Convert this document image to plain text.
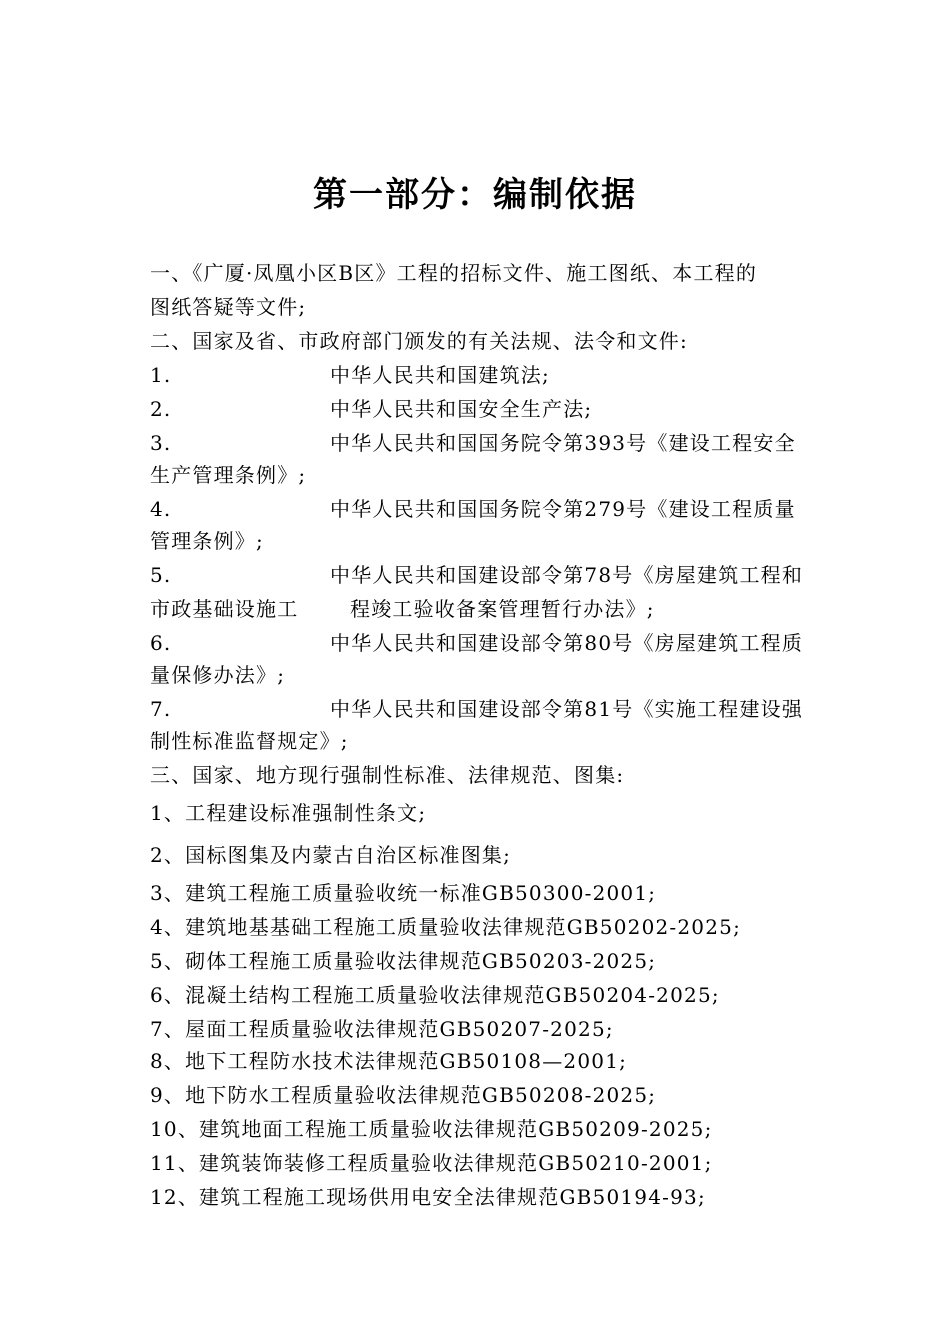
第一部分：编制依据
一、《广厦·凤凰小区B区》工程的招标文件、施工图纸、本工程的
图纸答疑等文件;
二、国家及省、市政府部门颁发的有关法规、法令和文件:
1.	中华人民共和国建筑法;
2.	中华人民共和国安全生产法;
3.	中华人民共和国国务院令第393号《建设工程安全
生产管理条例》;
4.	中华人民共和国国务院令第279号《建设工程质量
管理条例》;
5.	中华人民共和国建设部令第78号《房屋建筑工程和
市政基础设施工	程竣工验收备案管理暂行办法》;
6.	中华人民共和国建设部令第80号《房屋建筑工程质
量保修办法》;
7.	中华人民共和国建设部令第81号《实施工程建设强
制性标准监督规定》;
三、国家、地方现行强制性标准、法律规范、图集:
1、工程建设标准强制性条文;
2、国标图集及内蒙古自治区标准图集;
3、建筑工程施工质量验收统一标准GB50300-2001;
4、建筑地基基础工程施工质量验收法律规范GB50202-2025;
5、砌体工程施工质量验收法律规范GB50203-2025;
6、混凝土结构工程施工质量验收法律规范GB50204-2025;
7、屋面工程质量验收法律规范GB50207-2025;
8、地下工程防水技术法律规范GB50108—2001;
9、地下防水工程质量验收法律规范GB50208-2025;
10、建筑地面工程施工质量验收法律规范GB50209-2025;
11、建筑装饰装修工程质量验收法律规范GB50210-2001;
12、建筑工程施工现场供用电安全法律规范GB50194-93;
